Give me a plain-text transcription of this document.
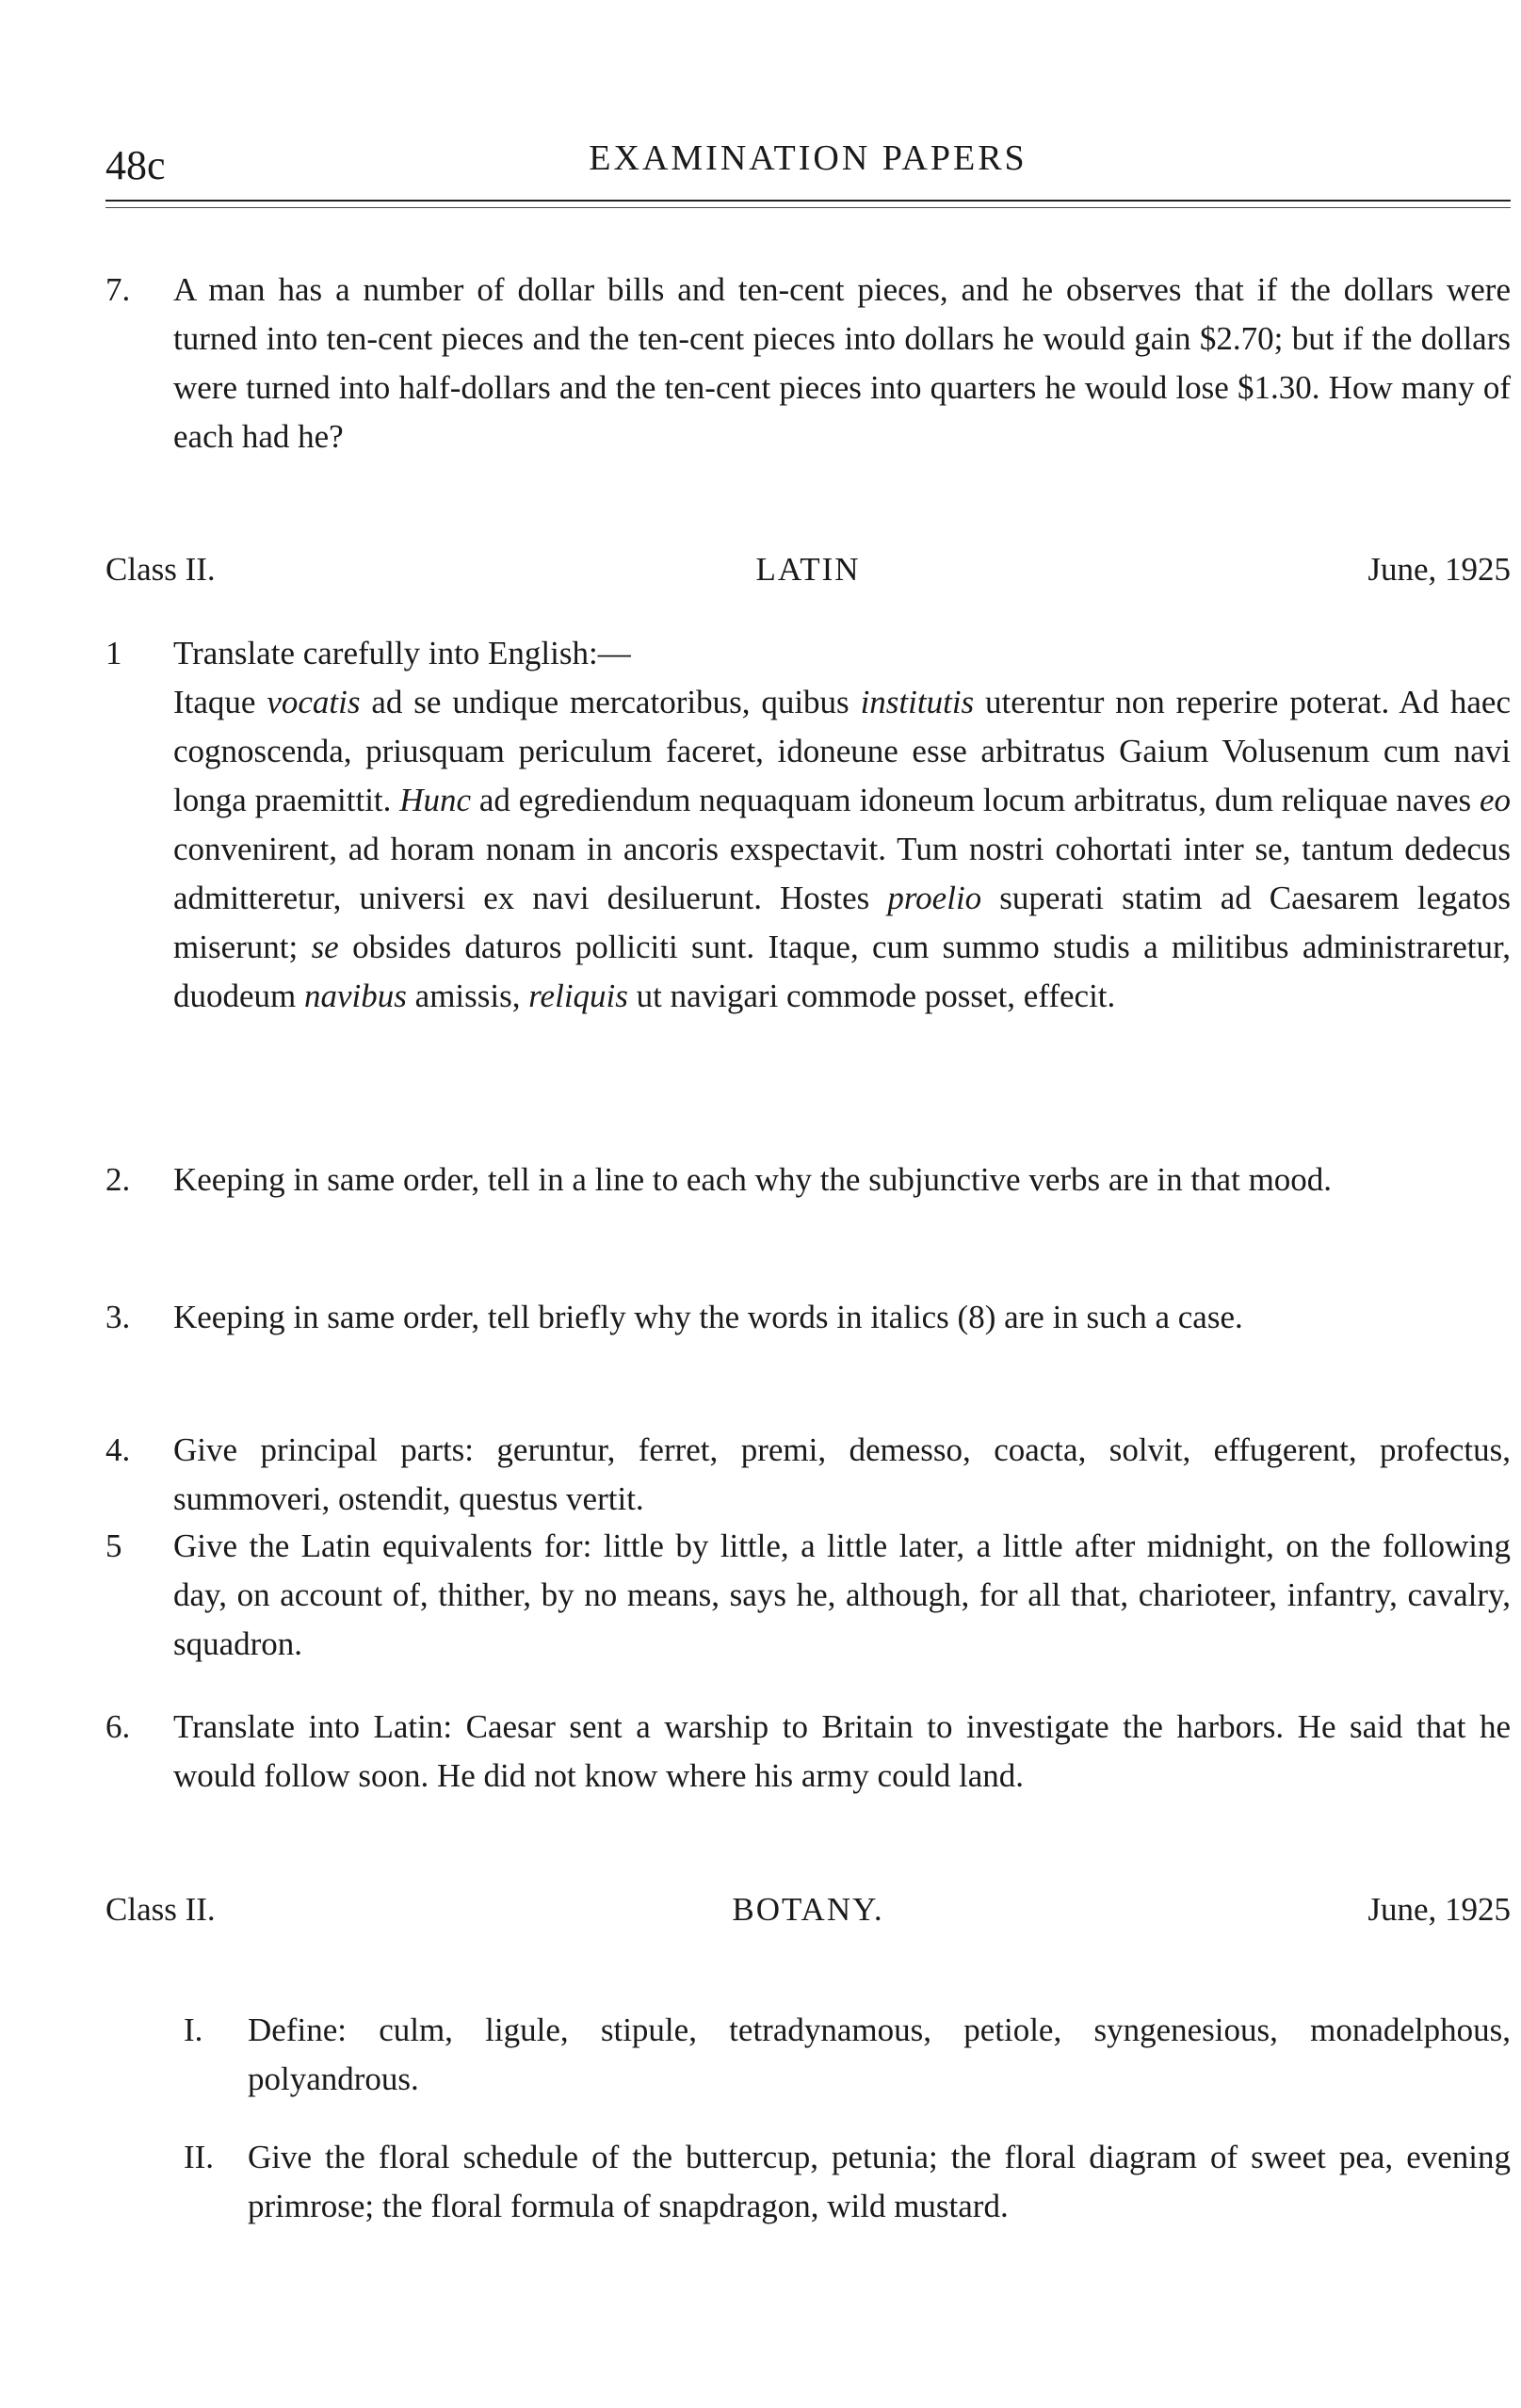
48c	EXAMINATION PAPERS
7.	A man has a number of dollar bills and ten-cent pieces, and he observes that if the dollars were turned into ten-cent pieces and the ten-cent pieces into dollars he would gain $2.70; but if the dollars were turned into half-dollars and the ten-cent pieces into quarters he would lose $1.30. How many of each had he?
Class II.	LATIN	June, 1925
1	Translate carefully into English:—

Itaque vocatis ad se undique mercatoribus, quibus institutis uterentur non reperire poterat. Ad haec cognoscenda, priusquam periculum faceret, idoneune esse arbitratus Gaium Volusenum cum navi longa praemittit. Hunc ad egrediendum nequaquam idoneum locum arbitratus, dum reliquae naves eo convenirent, ad horam nonam in ancoris exspectavit. Tum nostri cohortati inter se, tantum dedecus admitteretur, universi ex navi desiluerunt. Hostes proelio superati statim ad Caesarem legatos miserunt; se obsides daturos polliciti sunt. Itaque, cum summo studis a militibus administraretur, duodeum navibus amissis, reliquis ut navigari commode posset, effecit.

2.	Keeping in same order, tell in a line to each why the subjunctive verbs are in that mood.
3.	Keeping in same order, tell briefly why the words in italics (8) are in such a case.
4.	Give principal parts: geruntur, ferret, premi, demesso, coacta, solvit, effugerent, profectus, summoveri, ostendit, questus vertit.
5	Give the Latin equivalents for: little by little, a little later, a little after midnight, on the following day, on account of, thither, by no means, says he, although, for all that, charioteer, infantry, cavalry, squadron.
6.	Translate into Latin: Caesar sent a warship to Britain to investigate the harbors. He said that he would follow soon. He did not know where his army could land.
Class II.	BOTANY.	June, 1925
I.	Define: culm, ligule, stipule, tetradynamous, petiole, syngenesious, monadelphous, polyandrous.
II.	Give the floral schedule of the buttercup, petunia; the floral diagram of sweet pea, evening primrose; the floral formula of snapdragon, wild mustard.
